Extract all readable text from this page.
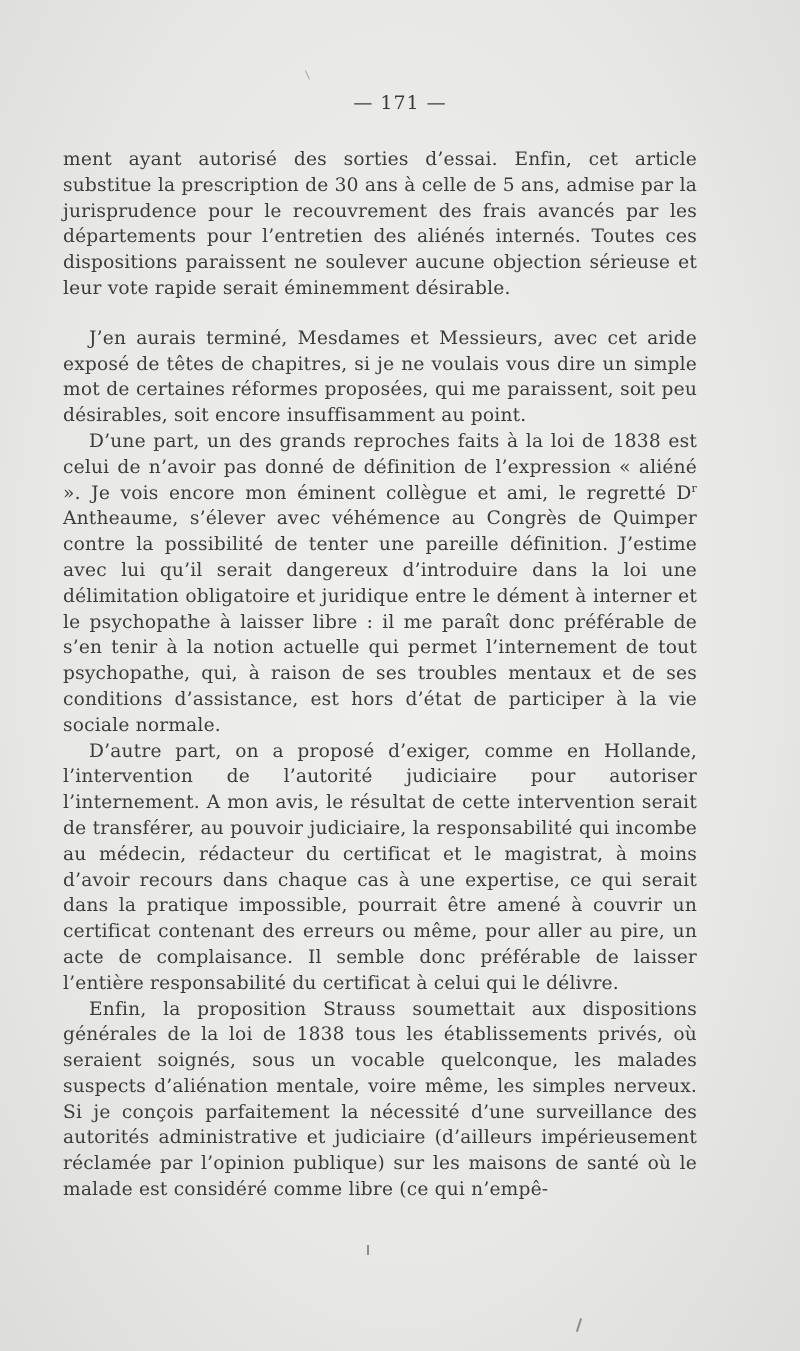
— 171 —

ment ayant autorisé des sorties d’essai. Enfin, cet article substitue la prescription de 30 ans à celle de 5 ans, admise par la jurisprudence pour le recouvrement des frais avancés par les départements pour l’entretien des aliénés internés. Toutes ces dispositions paraissent ne soulever aucune objection sérieuse et leur vote rapide serait éminemment désirable.

J’en aurais terminé, Mesdames et Messieurs, avec cet aride exposé de têtes de chapitres, si je ne voulais vous dire un simple mot de certaines réformes proposées, qui me paraissent, soit peu désirables, soit encore insuffisamment au point.

D’une part, un des grands reproches faits à la loi de 1838 est celui de n’avoir pas donné de définition de l’expression « aliéné ». Je vois encore mon éminent collègue et ami, le regretté $D^r$ Antheaume, s’élever avec véhémence au Congrès de Quimper contre la possibilité de tenter une pareille définition. J’estime avec lui qu’il serait dangereux d’introduire dans la loi une délimitation obligatoire et juridique entre le dément à interner et le psychopathe à laisser libre : il me paraît donc préférable de s’en tenir à la notion actuelle qui permet l’internement de tout psychopathe, qui, à raison de ses troubles mentaux et de ses conditions d’assistance, est hors d’état de participer à la vie sociale normale.

D’autre part, on a proposé d’exiger, comme en Hollande, l’intervention de l’autorité judiciaire pour autoriser l’internement. A mon avis, le résultat de cette intervention serait de transférer, au pouvoir judiciaire, la responsabilité qui incombe au médecin, rédacteur du certificat et le magistrat, à moins d’avoir recours dans chaque cas à une expertise, ce qui serait dans la pratique impossible, pourrait être amené à couvrir un certificat contenant des erreurs ou même, pour aller au pire, un acte de complaisance. Il semble donc préférable de laisser l’entière responsabilité du certificat à celui qui le délivre.

Enfin, la proposition Strauss soumettait aux dispositions générales de la loi de 1838 tous les établissements privés, où seraient soignés, sous un vocable quelconque, les malades suspects d’aliénation mentale, voire même, les simples nerveux. Si je conçois parfaitement la nécessité d’une surveillance des autorités administrative et judiciaire (d’ailleurs impérieusement réclamée par l’opinion publique) sur les maisons de santé où le malade est considéré comme libre (ce qui n’empê-
